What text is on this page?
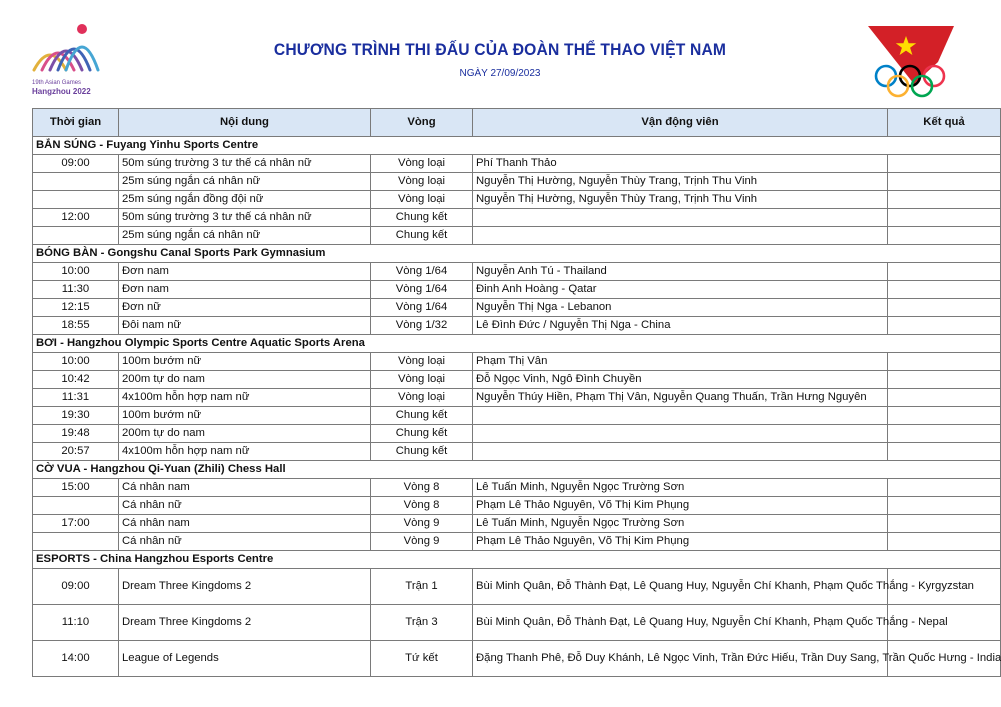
19th Asian Games
Hangzhou 2022
CHƯƠNG TRÌNH THI ĐẤU CỦA ĐOÀN THỂ THAO VIỆT NAM
NGÀY 27/09/2023
Thời gian	Nội dung	Vòng	Vận động viên	Kết quả
BẮN SÚNG - Fuyang Yinhu Sports Centre				
09:00	50m súng trường 3 tư thế cá nhân nữ	Vòng loại	Phí Thanh Thảo	
	25m súng ngắn cá nhân nữ	Vòng loại	Nguyễn Thị Hường, Nguyễn Thùy Trang, Trịnh Thu Vinh	
	25m súng ngắn đồng đội nữ	Vòng loại	Nguyễn Thị Hường, Nguyễn Thùy Trang, Trịnh Thu Vinh	
12:00	50m súng trường 3 tư thế cá nhân nữ	Chung kết		
	25m súng ngắn cá nhân nữ	Chung kết		
BÓNG BÀN - Gongshu Canal Sports Park Gymnasium				
10:00	Đơn nam	Vòng 1/64	Nguyễn Anh Tú - Thailand	
11:30	Đơn nam	Vòng 1/64	Đinh Anh Hoàng - Qatar	
12:15	Đơn nữ	Vòng 1/64	Nguyễn Thị Nga - Lebanon	
18:55	Đôi nam nữ	Vòng 1/32	Lê Đình Đức / Nguyễn Thị Nga - China	
BƠI - Hangzhou Olympic Sports Centre Aquatic Sports Arena				
10:00	100m bướm nữ	Vòng loại	Phạm Thị Vân	
10:42	200m tự do nam	Vòng loại	Đỗ Ngọc Vinh, Ngô Đình Chuyền	
11:31	4x100m hỗn hợp nam nữ	Vòng loại	Nguyễn Thúy Hiền, Phạm Thị Vân, Nguyễn Quang Thuấn, Trần Hưng Nguyên	
19:30	100m bướm nữ	Chung kết		
19:48	200m tự do nam	Chung kết		
20:57	4x100m hỗn hợp nam nữ	Chung kết		
CỜ VUA - Hangzhou Qi-Yuan (Zhili) Chess Hall				
15:00	Cá nhân nam	Vòng 8	Lê Tuấn Minh, Nguyễn Ngọc Trường Sơn	
	Cá nhân nữ	Vòng 8	Phạm Lê Thảo Nguyên, Võ Thị Kim Phụng	
17:00	Cá nhân nam	Vòng 9	Lê Tuấn Minh, Nguyễn Ngọc Trường Sơn	
	Cá nhân nữ	Vòng 9	Phạm Lê Thảo Nguyên, Võ Thị Kim Phụng	
ESPORTS - China Hangzhou Esports Centre				
09:00	Dream Three Kingdoms 2	Trận 1	Bùi Minh Quân, Đỗ Thành Đạt, Lê Quang Huy, Nguyễn Chí Khanh, Phạm Quốc Thắng - Kyrgyzstan	
11:10	Dream Three Kingdoms 2	Trận 3	Bùi Minh Quân, Đỗ Thành Đạt, Lê Quang Huy, Nguyễn Chí Khanh, Phạm Quốc Thắng - Nepal	
14:00	League of Legends	Tứ kết	Đặng Thanh Phê, Đỗ Duy Khánh, Lê Ngọc Vinh, Trần Đức Hiếu, Trần Duy Sang, Trần Quốc Hưng - India	
